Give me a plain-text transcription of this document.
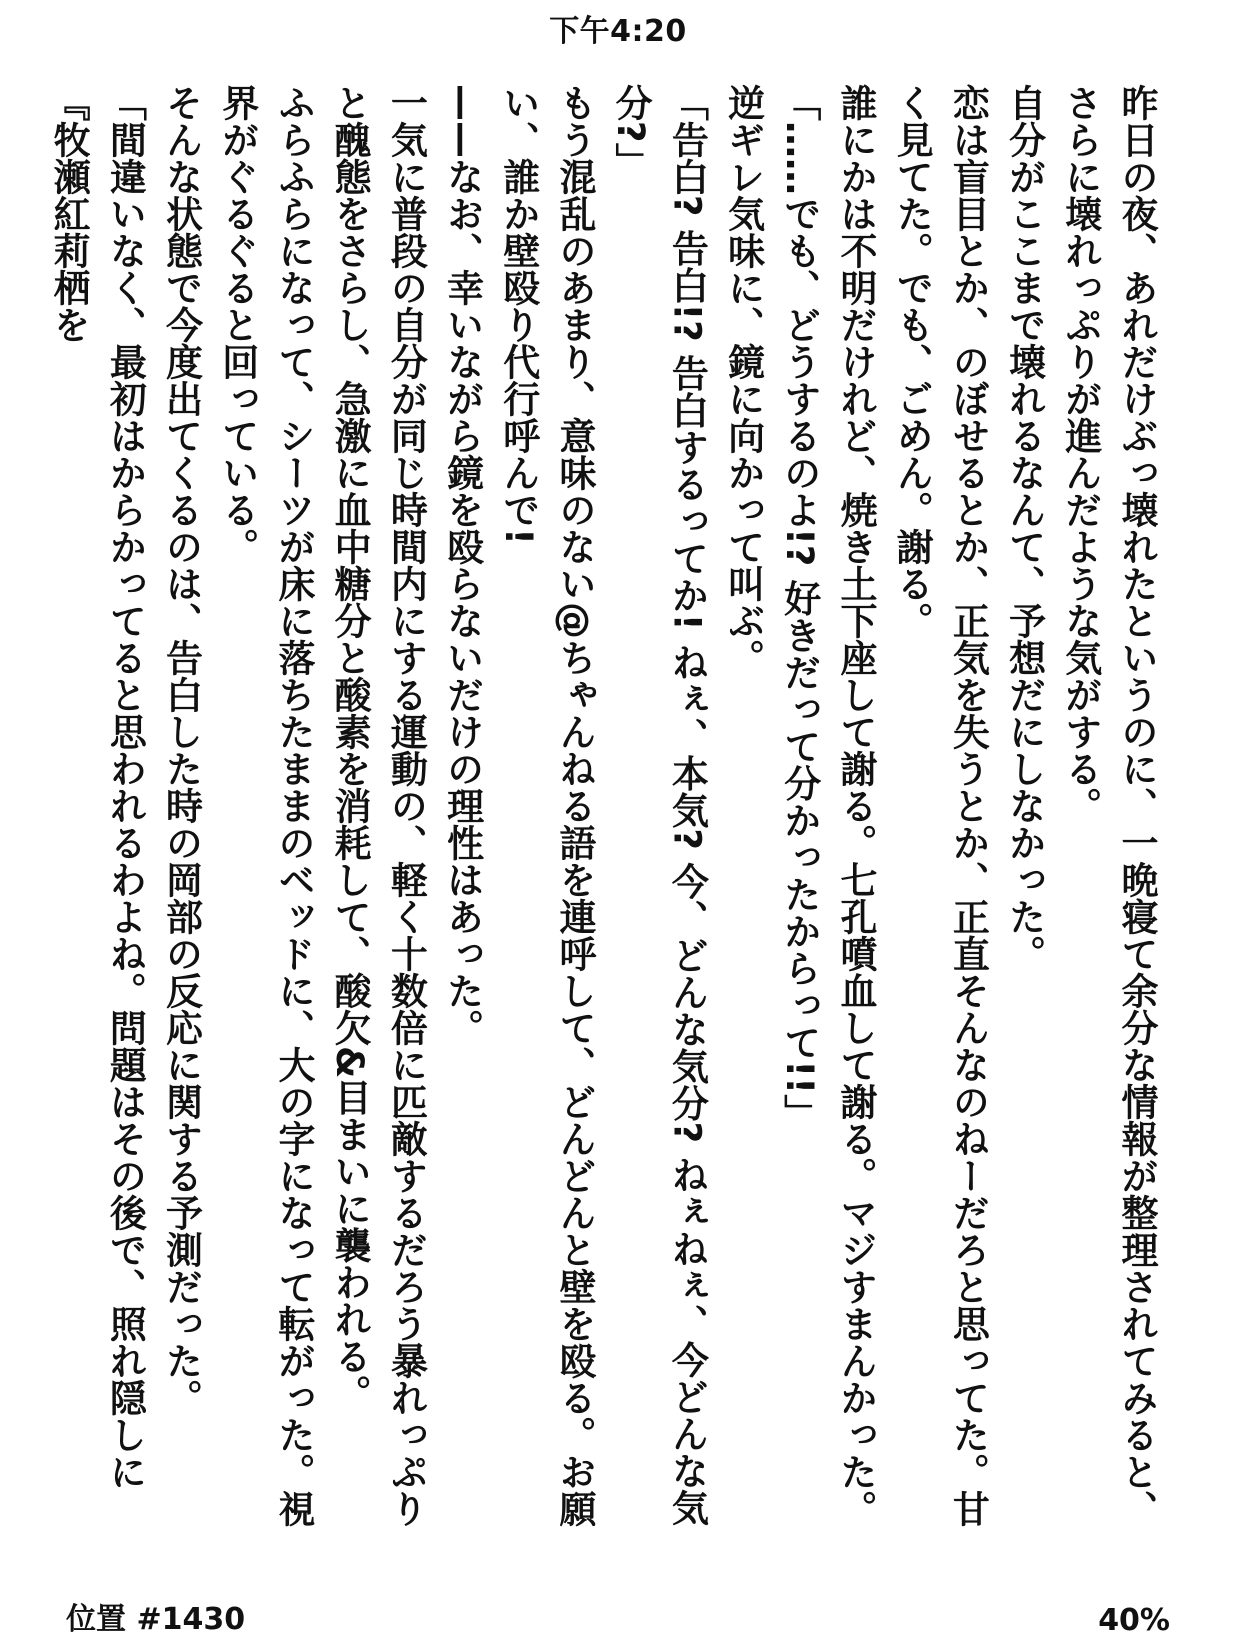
下午4:20

昨日の夜、あれだけぶっ壊れたというのに、一晩寝て余分な情報が整理されてみると、さらに壊れっぷりが進んだような気がする。

自分がここまで壊れるなんて、予想だにしなかった。

恋は盲目とか、のぼせるとか、正気を失うとか、正直そんなのねーだろと思ってた。甘く見てた。でも、ごめん。謝る。

誰にかは不明だけれど、焼き土下座して謝る。七孔噴血して謝る。マジすまんかった。

「……でも、どうするのよ!? 好きだって分かったからって!!」

逆ギレ気味に、鏡に向かって叫ぶ。

「告白? 告白!? 告白するってか! ねぇ、本気? 今、どんな気分? ねぇねぇ、今どんな気分?」

もう混乱のあまり、意味のない@ちゃんねる語を連呼して、どんどんと壁を殴る。お願い、誰か壁殴り代行呼んで!

——なお、幸いながら鏡を殴らないだけの理性はあった。

一気に普段の自分が同じ時間内にする運動の、軽く十数倍に匹敵するだろう暴れっぷりと醜態をさらし、急激に血中糖分と酸素を消耗して、酸欠&目まいに襲われる。

ふらふらになって、シーツが床に落ちたままのベッドに、大の字になって転がった。視界がぐるぐると回っている。

そんな状態で今度出てくるのは、告白した時の岡部の反応に関する予測だった。

「間違いなく、最初はからかってると思われるわよね。問題はその後で、照れ隠しに『牧瀬紅莉栖を

位置 #1430	40%
